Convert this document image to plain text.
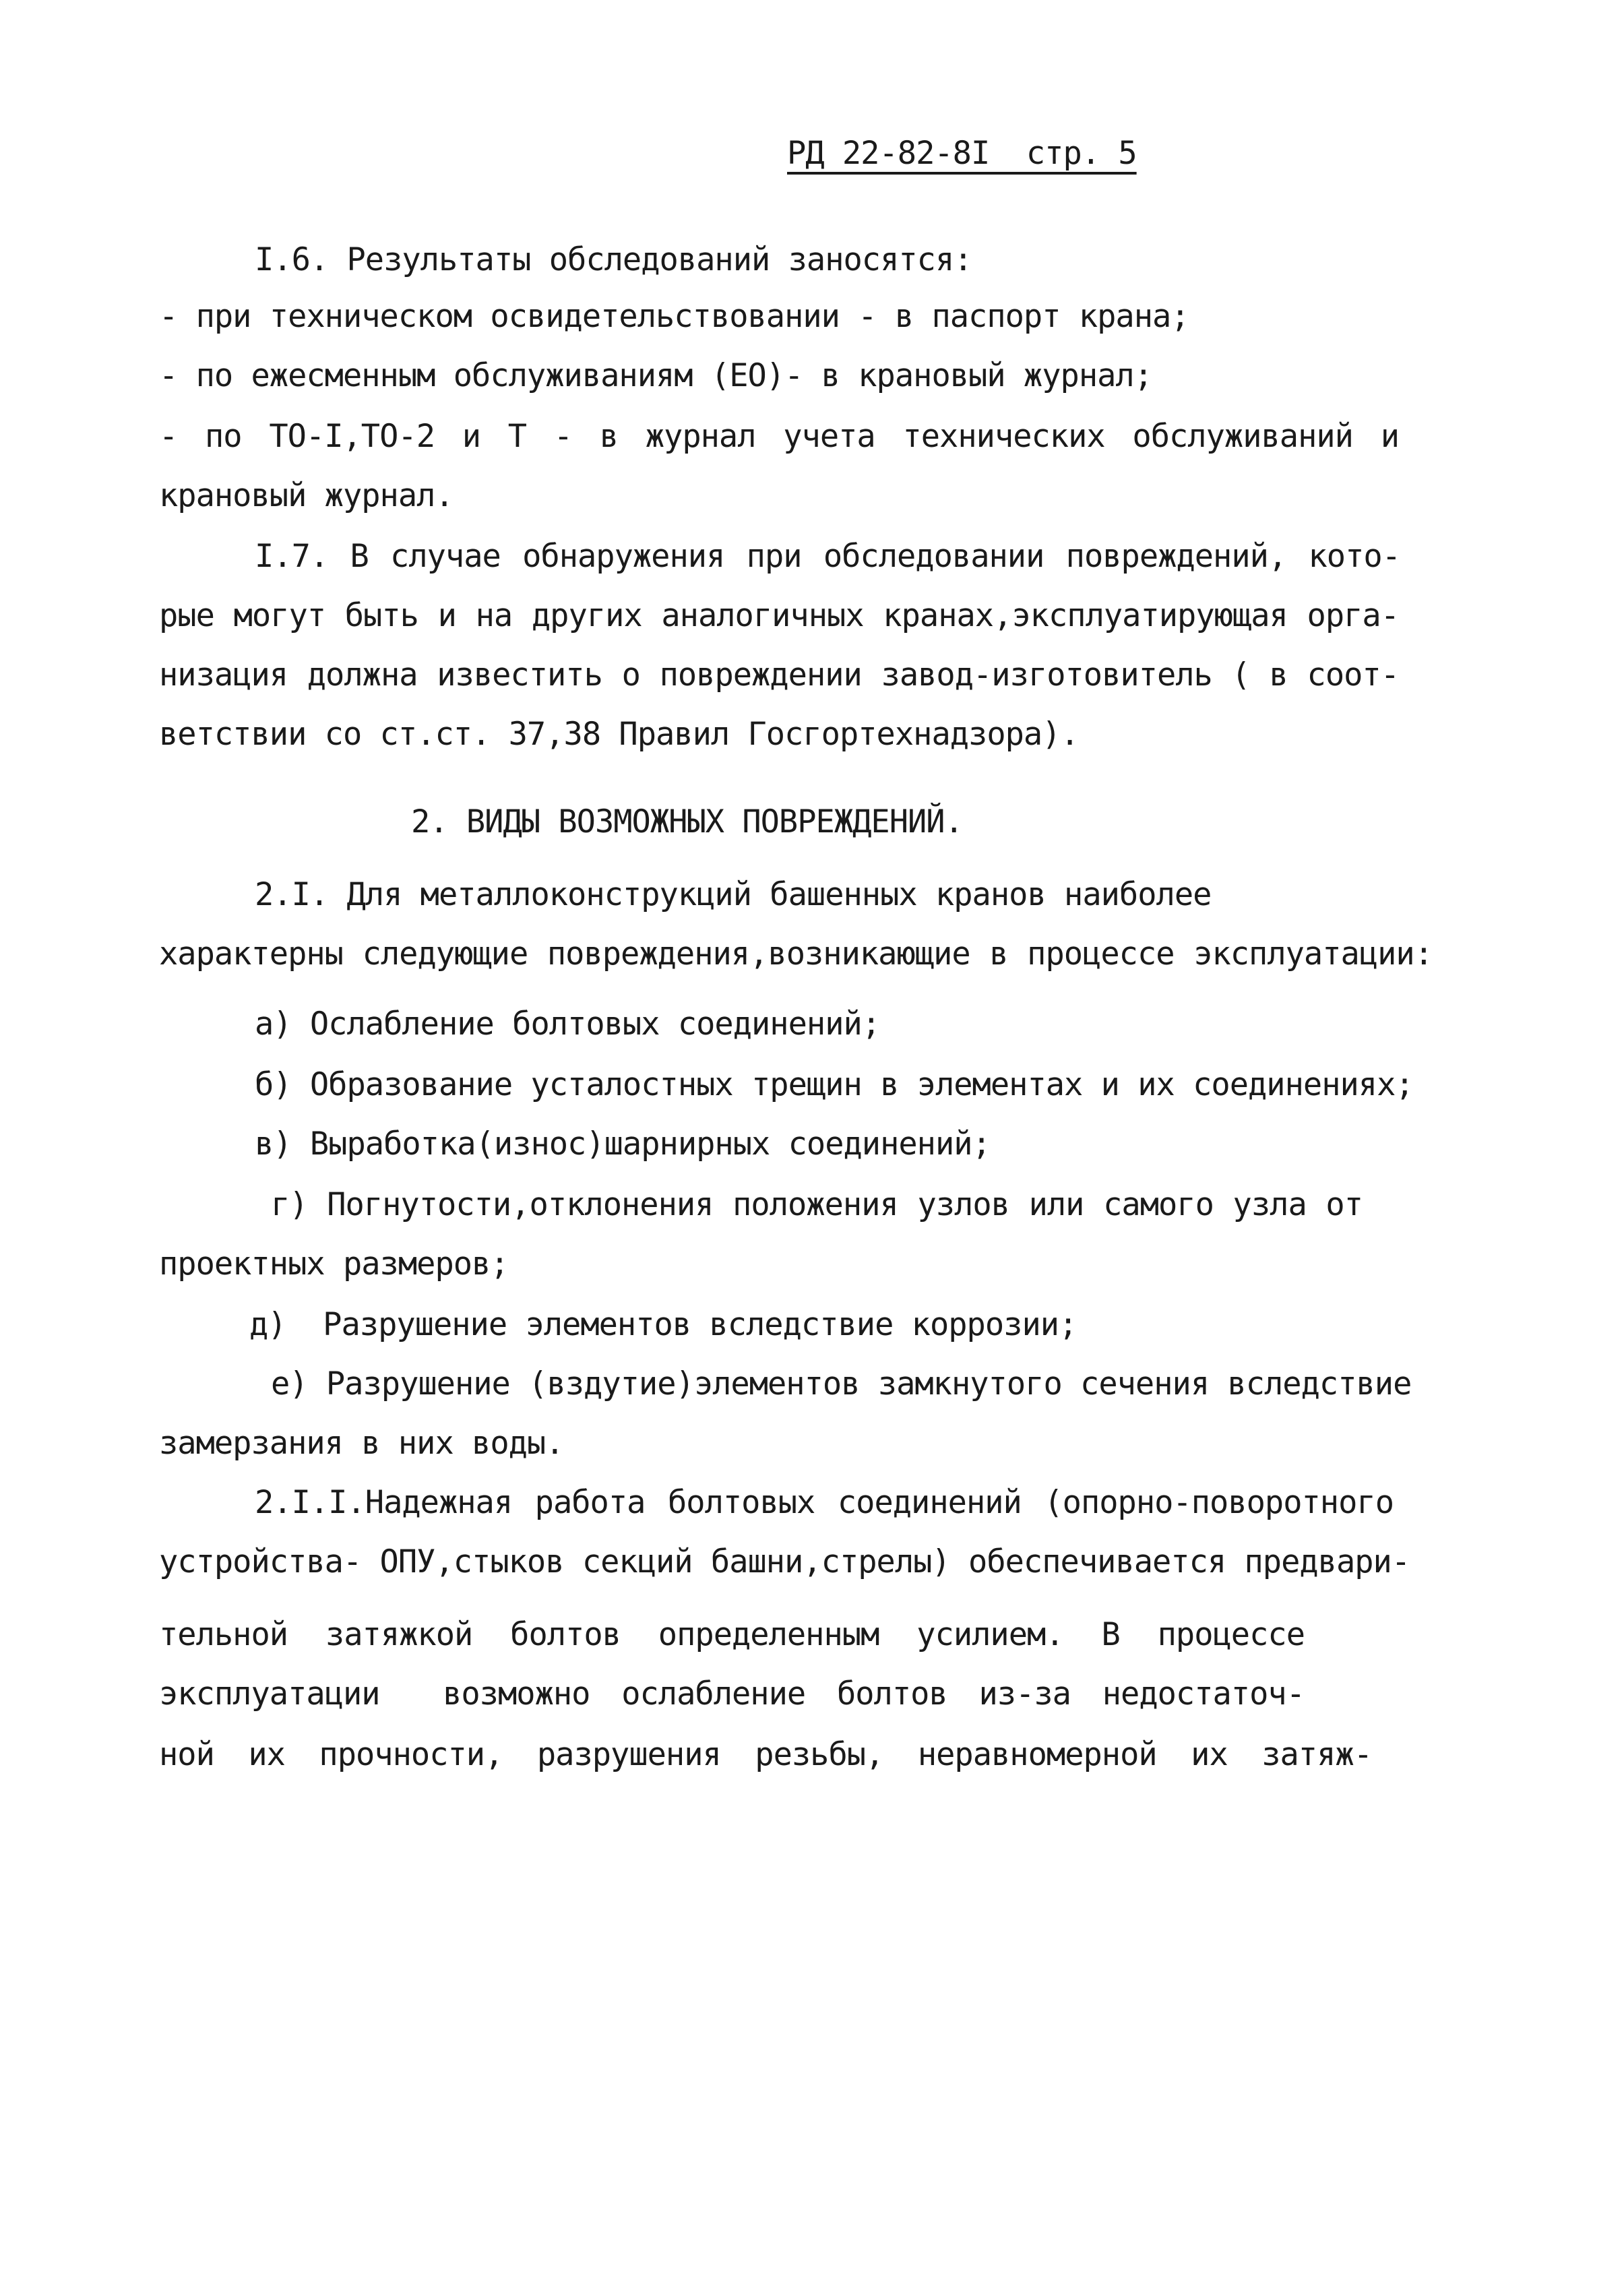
РД 22-82-8I  стр. 5
I.6. Результаты обследований заносятся:
- при техническом освидетельствовании - в паспорт крана;
- по ежесменным обслуживаниям (ЕО)- в крановый журнал;
- по ТО-I,ТО-2 и Т - в журнал учета технических обслуживаний и
крановый журнал.
I.7. В случае обнаружения при обследовании повреждений, кото-
рые могут быть и на других аналогичных кранах,эксплуатирующая орга-
низация должна известить о повреждении завод-изготовитель ( в соот-
ветствии со ст.ст. 37,38 Правил Госгортехнадзора).
2. ВИДЫ ВОЗМОЖНЫХ ПОВРЕЖДЕНИЙ.
2.I. Для металлоконструкций башенных кранов наиболее
характерны следующие повреждения,возникающие в процессе эксплуатации:
а) Ослабление болтовых соединений;
б) Образование усталостных трещин в элементах и их соединениях;
в) Выработка(износ)шарнирных соединений;
г) Погнутости,отклонения положения узлов или самого узла от
проектных размеров;
д)  Разрушение элементов вследствие коррозии;
е) Разрушение (вздутие)элементов замкнутого сечения вследствие
замерзания в них воды.
2.I.I.Надежная работа болтовых соединений (опорно-поворотного
устройства- ОПУ,стыков секций башни,стрелы) обеспечивается предвари-
тельной затяжкой болтов определенным усилием. В процессе
эксплуатации  возможно ослабление болтов из-за недостаточ-
ной их прочности, разрушения резьбы, неравномерной их затяж-
